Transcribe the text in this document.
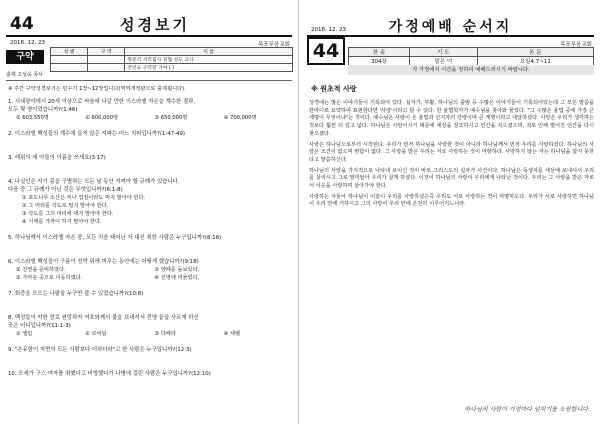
44	성경보기
2018. 12. 23	목포푸음교회
구약	성 별	구 역	이 름
		형준석 서리집사 전협 성도 교사
		전연숙 구역장 기여 ( )
출제 고성욱 목사
※ 주간 구약성경보기는 민수기 1장~12장입니다(역역개정판으로 출제됩니다).
1. 시내광야에서 20세 이상으로 싸움에 나갈 만한 이스라엘 자손을 계수한 결과,
모두 몇 명이었습니까?(1:46)
① 603,550명	② 600,000명	③ 650,000명	④ 700,000명
2. 이스라엘 백성들의 계수에 들지 않은 지파는 어느 지파입니까?(1:47-49)
3. 레위의 세 아들의 이름을 쓰세요(3:17)
4. 나실인은 자기 몸을 구별하는 모든 날 동안 지켜야 할 규례가 있습니다.
다음 중 그 규례가 아닌 것은 무엇입니까?(6:1-8)
① 포도나무 소산은 씨나 껍질이라도 먹지 말아야 한다.
② 그 머리를 삭도로 밀지 말아야 한다.
③ 삭도를 그의 머리에 대지 말아야 한다.
④ 시체를 가까이 하지 말아야 한다.
5. 하나님께서 이스라엘 자손 중, 모든 처음 태어난 자 대신 취한 사람은 누구입니까?(8:16)
6. 이스라엘 백성들이 구름이 성막 위에 머무는 동안에는 어떻게 했습니까?(9:18)
① 진영을 준비하였다.	② 양떼를 돌보았다.
③ 가까운 곳으로 이동하였다.	④ 진영에 머물렀다.
7. 회중을 모으는 나팔을 누구만 불 수 있었습니까?(10:8)
8. 백성들이 악한 말로 원망하자 여호와께서 불을 보내셔서 진영 끝을 사르게 하신
곳은 어디입니까?(11:1-3)
① 엘림	② 르비딤	③ 다베라	④ 세렐
9. "온유함이 지면의 모든 사람보다 더하더라"고 한 사람은 누구입니까?(12:3)
10. 모세가 구스 여자를 취했다고 비방했다가 나병에 걸린 사람은 누구입니까?(12:10)
가정예배 순서지
2018. 12. 23
목포푸음교회
44	찬 송	기 도	본 문
304장	맡은 이	요일4:7~11
각 가정에서 시간을 정하여 예배드리시기 바랍니다.
※ 원초적 사랑

성경에는 많은 이야기들이 기록되어 있다. 십자가, 부활, 하나님의 출범 등 수많은 이야기들이 기록되어있는데 그 모든 말씀을 한마디로 요약하여 표현한다면 '사랑'이라고 할 수 있다. 한 율법학자가 예수님을 찾아와 물었다. "그 수많은 율법 중에 가장 큰 계명이 무엇이냐"는 것이다. 예수님은 사랑이 온 율법과 선지자의 강령이며 큰 계명이라고 대답하셨다. 사랑은 우리가 생각하는 것보다 훨씬 더 깊고 넓다. 하나님은 사랑이시기 때문에 세상을 창조하시고 인간을 지으셨으며, 죄로 인해 멀어진 인간을 다시 찾으셨다.

사랑은 하나님으로부터 시작된다. 우리가 먼저 하나님을 사랑한 것이 아니라 하나님께서 먼저 우리를 사랑하셨다. 하나님의 사랑은 조건이 없으며 변함이 없다. 그 사랑을 받은 우리는 서로 사랑하는 것이 마땅하다. 사랑하지 않는 자는 하나님을 알지 못한다고 말씀하신다.

하나님의 사랑을 가지적으로 나타내 보이신 것이 바로 그리스도의 십자가 사건이다. 하나님은 독생자를 세상에 보내셔서 우리를 살리시고 그로 말미암아 우리가 살게 하셨다. 이것이 하나님의 사랑이 우리에게 나타난 것이다. 우리는 그 사랑을 받은 자로서 이웃을 사랑하며 살아가야 한다.

사랑하는 자들아 하나님이 이같이 우리를 사랑하셨은즉 우리도 서로 사랑하는 것이 마땅하도다. 우리가 서로 사랑하면 하나님이 우리 안에 거하시고 그의 사랑이 우리 안에 온전히 이루어지느니라.

하나님의 사랑이 가정마다 넘치기를 소원합니다.
